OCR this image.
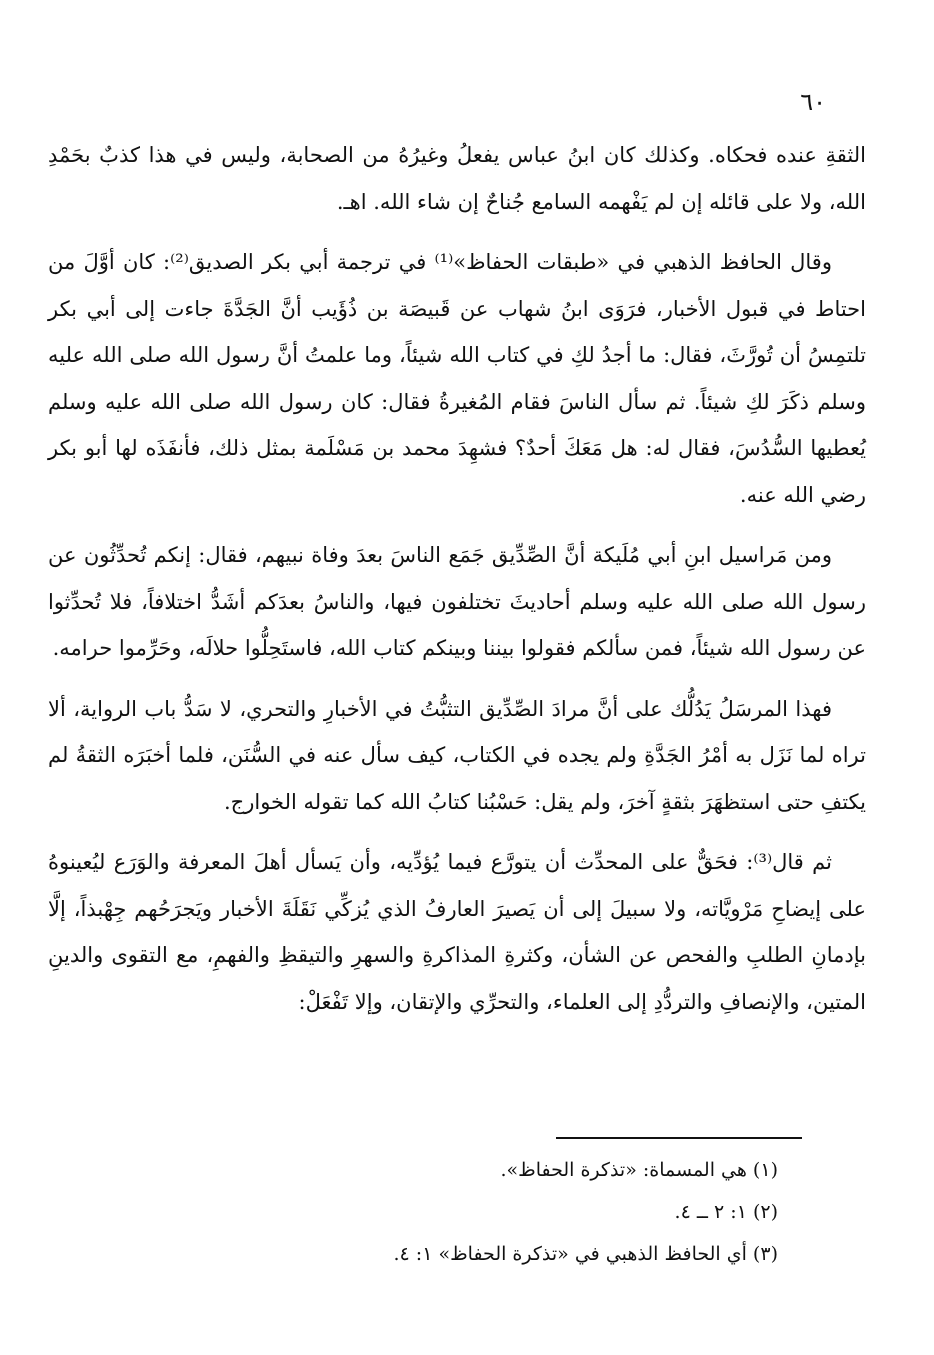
٦٠

الثقةِ عنده فحكاه. وكذلك كان ابنُ عباس يفعلُ وغيرُهُ من الصحابة، وليس في هذا كذبٌ بحَمْدِ الله، ولا على قائله إن لم يَفْهمه السامع جُناحٌ إن شاء الله. اهـ.

وقال الحافظ الذهبي في «طبقات الحفاظ»⁽¹⁾ في ترجمة أبي بكر الصديق⁽²⁾: كان أوَّلَ من احتاط في قبول الأخبار، فرَوَى ابنُ شهاب عن قَبيصَة بن ذُؤَيب أنَّ الجَدَّةَ جاءت إلى أبي بكر تلتمِسُ أن تُورَّثَ، فقال: ما أجدُ لكِ في كتاب الله شيئاً، وما علمتُ أنَّ رسول الله صلى الله عليه وسلم ذكَرَ لكِ شيئاً. ثم سأل الناسَ فقام المُغيرةُ فقال: كان رسول الله صلى الله عليه وسلم يُعطيها السُّدُسَ، فقال له: هل مَعَكَ أحدٌ؟ فشهِدَ محمد بن مَسْلَمة بمثل ذلك، فأنفَذَه لها أبو بكر رضي الله عنه.

ومن مَراسيل ابنِ أبي مُلَيكة أنَّ الصِّدِّيق جَمَع الناسَ بعدَ وفاة نبيهم، فقال: إنكم تُحدِّثُون عن رسول الله صلى الله عليه وسلم أحاديثَ تختلفون فيها، والناسُ بعدَكم أشَدُّ اختلافاً، فلا تُحدِّثوا عن رسول الله شيئاً، فمن سألكم فقولوا بيننا وبينكم كتاب الله، فاستَحِلُّوا حلالَه، وحَرِّموا حرامه.

فهذا المرسَلُ يَدُلُّك على أنَّ مرادَ الصِّدِّيق التثبُّتُ في الأخبارِ والتحري، لا سَدُّ باب الرواية، ألا تراه لما نَزَل به أمْرُ الجَدَّةِ ولم يجده في الكتاب، كيف سأل عنه في السُّنَن، فلما أخبَرَه الثقةُ لم يكتفِ حتى استظهَرَ بثقةٍ آخرَ، ولم يقل: حَسْبُنا كتابُ الله كما تقوله الخوارج.

ثم قال⁽³⁾: فحَقٌّ على المحدِّث أن يتورَّع فيما يُؤدِّيه، وأن يَسأل أهلَ المعرفة والوَرَع ليُعينوهُ على إيضاحِ مَرْويَّاته، ولا سبيلَ إلى أن يَصيرَ العارفُ الذي يُزكِّي نَقَلَةَ الأخبار ويَجرَحُهم جِهْبذاً، إلَّا بإدمانِ الطلبِ والفحص عن الشأن، وكثرةِ المذاكرةِ والسهرِ والتيقظِ والفهمِ، مع التقوى والدينِ المتين، والإنصافِ والتردُّدِ إلى العلماء، والتحرِّي والإتقان، وإلا تَفْعَلْ:

(١) هي المسماة: «تذكرة الحفاظ».

(٢) ١: ٢ ــ ٤.

(٣) أي الحافظ الذهبي في «تذكرة الحفاظ» ١: ٤.
